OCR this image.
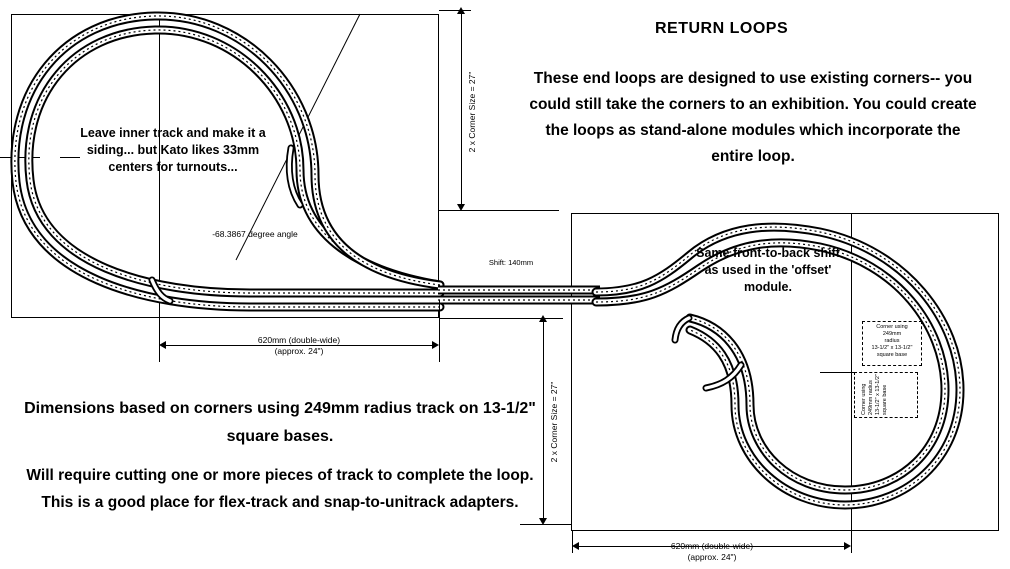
RETURN LOOPS
These end loops are designed to use existing corners-- you could still take the corners to an exhibition. You could create the loops as stand-alone modules which incorporate the entire loop.
Dimensions based on corners using 249mm radius track on 13-1/2" square bases.
Will require cutting one or more pieces of track to complete the loop. This is a good place for flex-track and snap-to-unitrack adapters.
Leave inner track and make it a siding... but Kato likes 33mm centers for turnouts...
Same front-to-back shift as used in the 'offset' module.
-68.3867 degree angle
Shift: 140mm
620mm (double-wide)
(approx. 24")
620mm (double-wide)
(approx. 24")
2 x Corner Size = 27"
2 x Corner Size = 27"
Corner using
249mm
radius
13-1/2" x 13-1/2"
square base
Corner using
249mm radius
13-1/2" x 13-1/2"
square base
